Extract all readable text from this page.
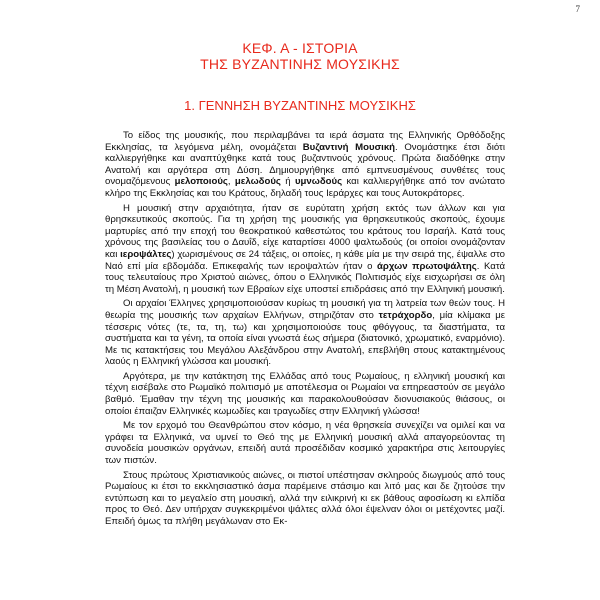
7
ΚΕΦ. Α - ΙΣΤΟΡΙΑ
ΤΗΣ ΒΥΖΑΝΤΙΝΗΣ ΜΟΥΣΙΚΗΣ
1. ΓΕΝΝΗΣΗ ΒΥΖΑΝΤΙΝΗΣ ΜΟΥΣΙΚΗΣ

Το είδος της μουσικής, που περιλαμβάνει τα ιερά άσματα της Ελληνικής Ορθόδοξης Εκκλησίας, τα λεγόμενα μέλη, ονομάζεται Βυζαντινή Μουσική. Ονομάστηκε έτσι διότι καλλιεργήθηκε και αναπτύχθηκε κατά τους βυζαντινούς χρόνους. Πρώτα διαδόθηκε στην Ανατολή και αργότερα στη Δύση. Δημιουργήθηκε από εμπνευσμένους συνθέτες τους ονομαζόμενους μελοποιούς, μελωδούς ή υμνωδούς και καλλιεργήθηκε από τον ανώτατο κλήρο της Εκκλησίας και του Κράτους, δηλαδή τους Ιεράρχες και τους Αυτοκράτορες.

Η μουσική στην αρχαιότητα, ήταν σε ευρύτατη χρήση εκτός των άλλων και για θρησκευτικούς σκοπούς. Για τη χρήση της μουσικής για θρησκευτικούς σκοπούς, έχουμε μαρτυρίες από την εποχή του θεοκρατικού καθεστώτος του κράτους του Ισραήλ. Κατά τους χρόνους της βασιλείας του ο Δαυΐδ, είχε καταρτίσει 4000 ψαλτωδούς (οι οποίοι ονομάζονταν και ιεροψάλτες) χωρισμένους σε 24 τάξεις, οι οποίες, η κάθε μία με την σειρά της, έψαλλε στο Ναό επί μία εβδομάδα. Επικεφαλής των ιεροψαλτών ήταν ο άρχων πρωτοψάλτης. Κατά τους τελευταίους προ Χριστού αιώνες, όπου ο Ελληνικός Πολιτισμός είχε εισχωρήσει σε όλη τη Μέση Ανατολή, η μουσική των Εβραίων είχε υποστεί επιδράσεις από την Ελληνική μουσική.

Οι αρχαίοι Έλληνες χρησιμοποιούσαν κυρίως τη μουσική για τη λατρεία των θεών τους. Η θεωρία της μουσικής των αρχαίων Ελλήνων, στηριζόταν στο τετράχορδο, μία κλίμακα με τέσσερις νότες (τε, τα, τη, τω) και χρησιμοποιούσε τους φθόγγους, τα διαστήματα, τα συστήματα και τα γένη, τα οποία είναι γνωστά έως σήμερα (διατονικό, χρωματικό, εναρμόνιο). Με τις κατακτήσεις του Μεγάλου Αλεξάνδρου στην Ανατολή, επεβλήθη στους κατακτημένους λαούς η Ελληνική γλώσσα και μουσική.

Αργότερα, με την κατάκτηση της Ελλάδας από τους Ρωμαίους, η ελληνική μουσική και τέχνη εισέβαλε στο Ρωμαϊκό πολιτισμό με αποτέλεσμα οι Ρωμαίοι να επηρεαστούν σε μεγάλο βαθμό. Έμαθαν την τέχνη της μουσικής και παρακολουθούσαν διονυσιακούς θιάσους, οι οποίοι έπαιζαν Ελληνικές κωμωδίες και τραγωδίες στην Ελληνική γλώσσα!

Με τον ερχομό του Θεανθρώπου στον κόσμο, η νέα θρησκεία συνεχίζει να ομιλεί και να γράφει τα Ελληνικά, να υμνεί το Θεό της με Ελληνική μουσική αλλά απαγορεύοντας τη συνοδεία μουσικών οργάνων, επειδή αυτά προσέδιδαν κοσμικό χαρακτήρα στις λειτουργίες των πιστών.

Στους πρώτους Χριστιανικούς αιώνες, οι πιστοί υπέστησαν σκληρούς διωγμούς από τους Ρωμαίους κι έτσι το εκκλησιαστικό άσμα παρέμεινε στάσιμο και λιτό μας και δε ζητούσε την εντύπωση και το μεγαλείο στη μουσική, αλλά την ειλικρινή κι εκ βάθους αφοσίωση κι ελπίδα προς το Θεό. Δεν υπήρχαν συγκεκριμένοι ψάλτες αλλά όλοι έψελναν όλοι οι μετέχοντες μαζί. Επειδή όμως τα πλήθη μεγάλωναν στο Εκ-
